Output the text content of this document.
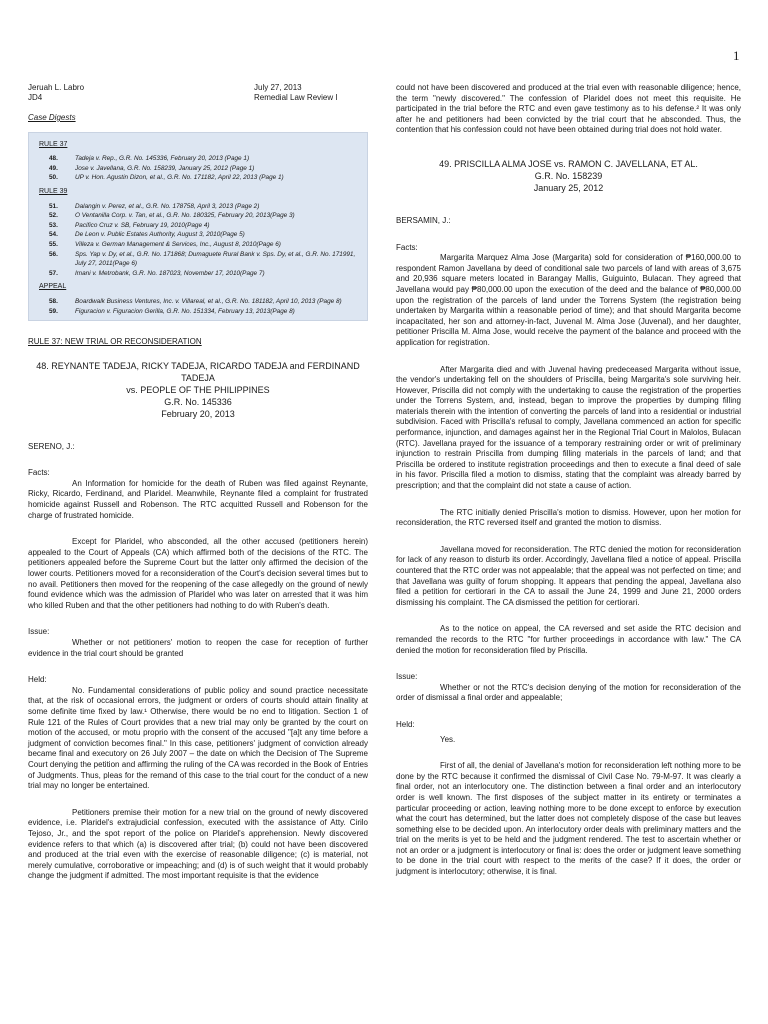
1
Jeruah L. Labro	July 27, 2013
JD4	Remedial Law Review I

Case Digests

RULE 37
48.	Tadeja v. Rep., G.R. No. 145336, February 20, 2013 (Page 1)
49.	Jose v. Javellana, G.R. No. 158239, January 25, 2012 (Page 1)
50.	UP v. Hon. Agustin Dizon, et al., G.R. No. 171182, April 22, 2013 (Page 1)
RULE 39
51.	Dalangin v. Perez, et al., G.R. No. 178758, April 3, 2013 (Page 2)
52.	O Ventanilla Corp. v. Tan, et al., G.R. No. 180325, February 20, 2013(Page 3)
53.	Pacifico Cruz v. SB, February 19, 2010(Page 4)
54.	De Leon v. Public Estates Authority, August 3, 2010(Page 5)
55.	Villeza v. German Management & Services, Inc., August 8, 2010(Page 6)
56.	Sps. Yap v. Dy, et al., G.R. No. 171868; Dumaguete Rural Bank v. Sps. Dy, et al., G.R. No. 171991, July 27, 2011(Page 6)
57.	Imani v. Metrobank, G.R. No. 187023, November 17, 2010(Page 7)
APPEAL
58.	Boardwalk Business Ventures, Inc. v. Villareal, et al., G.R. No. 181182, April 10, 2013 (Page 8)
59.	Figuracion v. Figuracion Gerilla, G.R. No. 151334, February 13, 2013(Page 8)

RULE 37: NEW TRIAL OR RECONSIDERATION

48. REYNANTE TADEJA, RICKY TADEJA, RICARDO TADEJA and FERDINAND TADEJA
vs. PEOPLE OF THE PHILIPPINES
G.R. No. 145336
February 20, 2013

SERENO, J.:

Facts:

An Information for homicide for the death of Ruben was filed against Reynante, Ricky, Ricardo, Ferdinand, and Plaridel. Meanwhile, Reynante filed a complaint for frustrated homicide against Russell and Robenson. The RTC acquitted Russell and Robenson for the charge of frustrated homicide.

Except for Plaridel, who absconded, all the other accused (petitioners herein) appealed to the Court of Appeals (CA) which affirmed both of the decisions of the RTC. The petitioners appealed before the Supreme Court but the latter only affirmed the decision of the lower courts. Petitioners moved for a reconsideration of the Court's decision several times but to no avail. Petitioners then moved for the reopening of the case allegedly on the ground of newly found evidence which was the admission of Plaridel who was later on arrested that it was him who killed Ruben and that the other petitioners had nothing to do with Ruben's death.

Issue:

Whether or not petitioners' motion to reopen the case for reception of further evidence in the trial court should be granted

Held:

No. Fundamental considerations of public policy and sound practice necessitate that, at the risk of occasional errors, the judgment or orders of courts should attain finality at some definite time fixed by law.¹ Otherwise, there would be no end to litigation. Section 1 of Rule 121 of the Rules of Court provides that a new trial may only be granted by the court on motion of the accused, or motu proprio with the consent of the accused "[a]t any time before a judgment of conviction becomes final." In this case, petitioners' judgment of conviction already became final and executory on 26 July 2007 – the date on which the Decision of The Supreme Court denying the petition and affirming the ruling of the CA was recorded in the Book of Entries of Judgments. Thus, pleas for the remand of this case to the trial court for the conduct of a new trial may no longer be entertained.

Petitioners premise their motion for a new trial on the ground of newly discovered evidence, i.e. Plaridel's extrajudicial confession, executed with the assistance of Atty. Cirilo Tejoso, Jr., and the spot report of the police on Plaridel's apprehension. Newly discovered evidence refers to that which (a) is discovered after trial; (b) could not have been discovered and produced at the trial even with the exercise of reasonable diligence; (c) is material, not merely cumulative, corroborative or impeaching; and (d) is of such weight that it would probably change the judgment if admitted. The most important requisite is that the evidence

could not have been discovered and produced at the trial even with reasonable diligence; hence, the term "newly discovered." The confession of Plaridel does not meet this requisite. He participated in the trial before the RTC and even gave testimony as to his defense.² It was only after he and petitioners had been convicted by the trial court that he absconded. Thus, the contention that his confession could not have been obtained during trial does not hold water.

49. PRISCILLA ALMA JOSE vs. RAMON C. JAVELLANA, ET AL.
G.R. No. 158239
January 25, 2012

BERSAMIN, J.:

Facts:

Margarita Marquez Alma Jose (Margarita) sold for consideration of ₱160,000.00 to respondent Ramon Javellana by deed of conditional sale two parcels of land with areas of 3,675 and 20,936 square meters located in Barangay Mallis, Guiguinto, Bulacan. They agreed that Javellana would pay ₱80,000.00 upon the execution of the deed and the balance of ₱80,000.00 upon the registration of the parcels of land under the Torrens System (the registration being undertaken by Margarita within a reasonable period of time); and that should Margarita become incapacitated, her son and attorney-in-fact, Juvenal M. Alma Jose (Juvenal), and her daughter, petitioner Priscilla M. Alma Jose, would receive the payment of the balance and proceed with the application for registration.

After Margarita died and with Juvenal having predeceased Margarita without issue, the vendor's undertaking fell on the shoulders of Priscilla, being Margarita's sole surviving heir. However, Priscilla did not comply with the undertaking to cause the registration of the properties under the Torrens System, and, instead, began to improve the properties by dumping filling materials therein with the intention of converting the parcels of land into a residential or industrial subdivision. Faced with Priscilla's refusal to comply, Javellana commenced an action for specific performance, injunction, and damages against her in the Regional Trial Court in Malolos, Bulacan (RTC). Javellana prayed for the issuance of a temporary restraining order or writ of preliminary injunction to restrain Priscilla from dumping filling materials in the parcels of land; and that Priscilla be ordered to institute registration proceedings and then to execute a final deed of sale in his favor. Priscilla filed a motion to dismiss, stating that the complaint was already barred by prescription; and that the complaint did not state a cause of action.

The RTC initially denied Priscilla's motion to dismiss. However, upon her motion for reconsideration, the RTC reversed itself and granted the motion to dismiss.

Javellana moved for reconsideration. The RTC denied the motion for reconsideration for lack of any reason to disturb its order. Accordingly, Javellana filed a notice of appeal. Priscilla countered that the RTC order was not appealable; that the appeal was not perfected on time; and that Javellana was guilty of forum shopping. It appears that pending the appeal, Javellana also filed a petition for certiorari in the CA to assail the June 24, 1999 and June 21, 2000 orders dismissing his complaint. The CA dismissed the petition for certiorari.

As to the notice on appeal, the CA reversed and set aside the RTC decision and remanded the records to the RTC "for further proceedings in accordance with law." The CA denied the motion for reconsideration filed by Priscilla.

Issue:

Whether or not the RTC's decision denying of the motion for reconsideration of the order of dismissal a final order and appealable;

Held:

Yes.

First of all, the denial of Javellana's motion for reconsideration left nothing more to be done by the RTC because it confirmed the dismissal of Civil Case No. 79-M-97. It was clearly a final order, not an interlocutory one. The distinction between a final order and an interlocutory order is well known. The first disposes of the subject matter in its entirety or terminates a particular proceeding or action, leaving nothing more to be done except to enforce by execution what the court has determined, but the latter does not completely dispose of the case but leaves something else to be decided upon. An interlocutory order deals with preliminary matters and the trial on the merits is yet to be held and the judgment rendered. The test to ascertain whether or not an order or a judgment is interlocutory or final is: does the order or judgment leave something to be done in the trial court with respect to the merits of the case? If it does, the order or judgment is interlocutory; otherwise, it is final.
